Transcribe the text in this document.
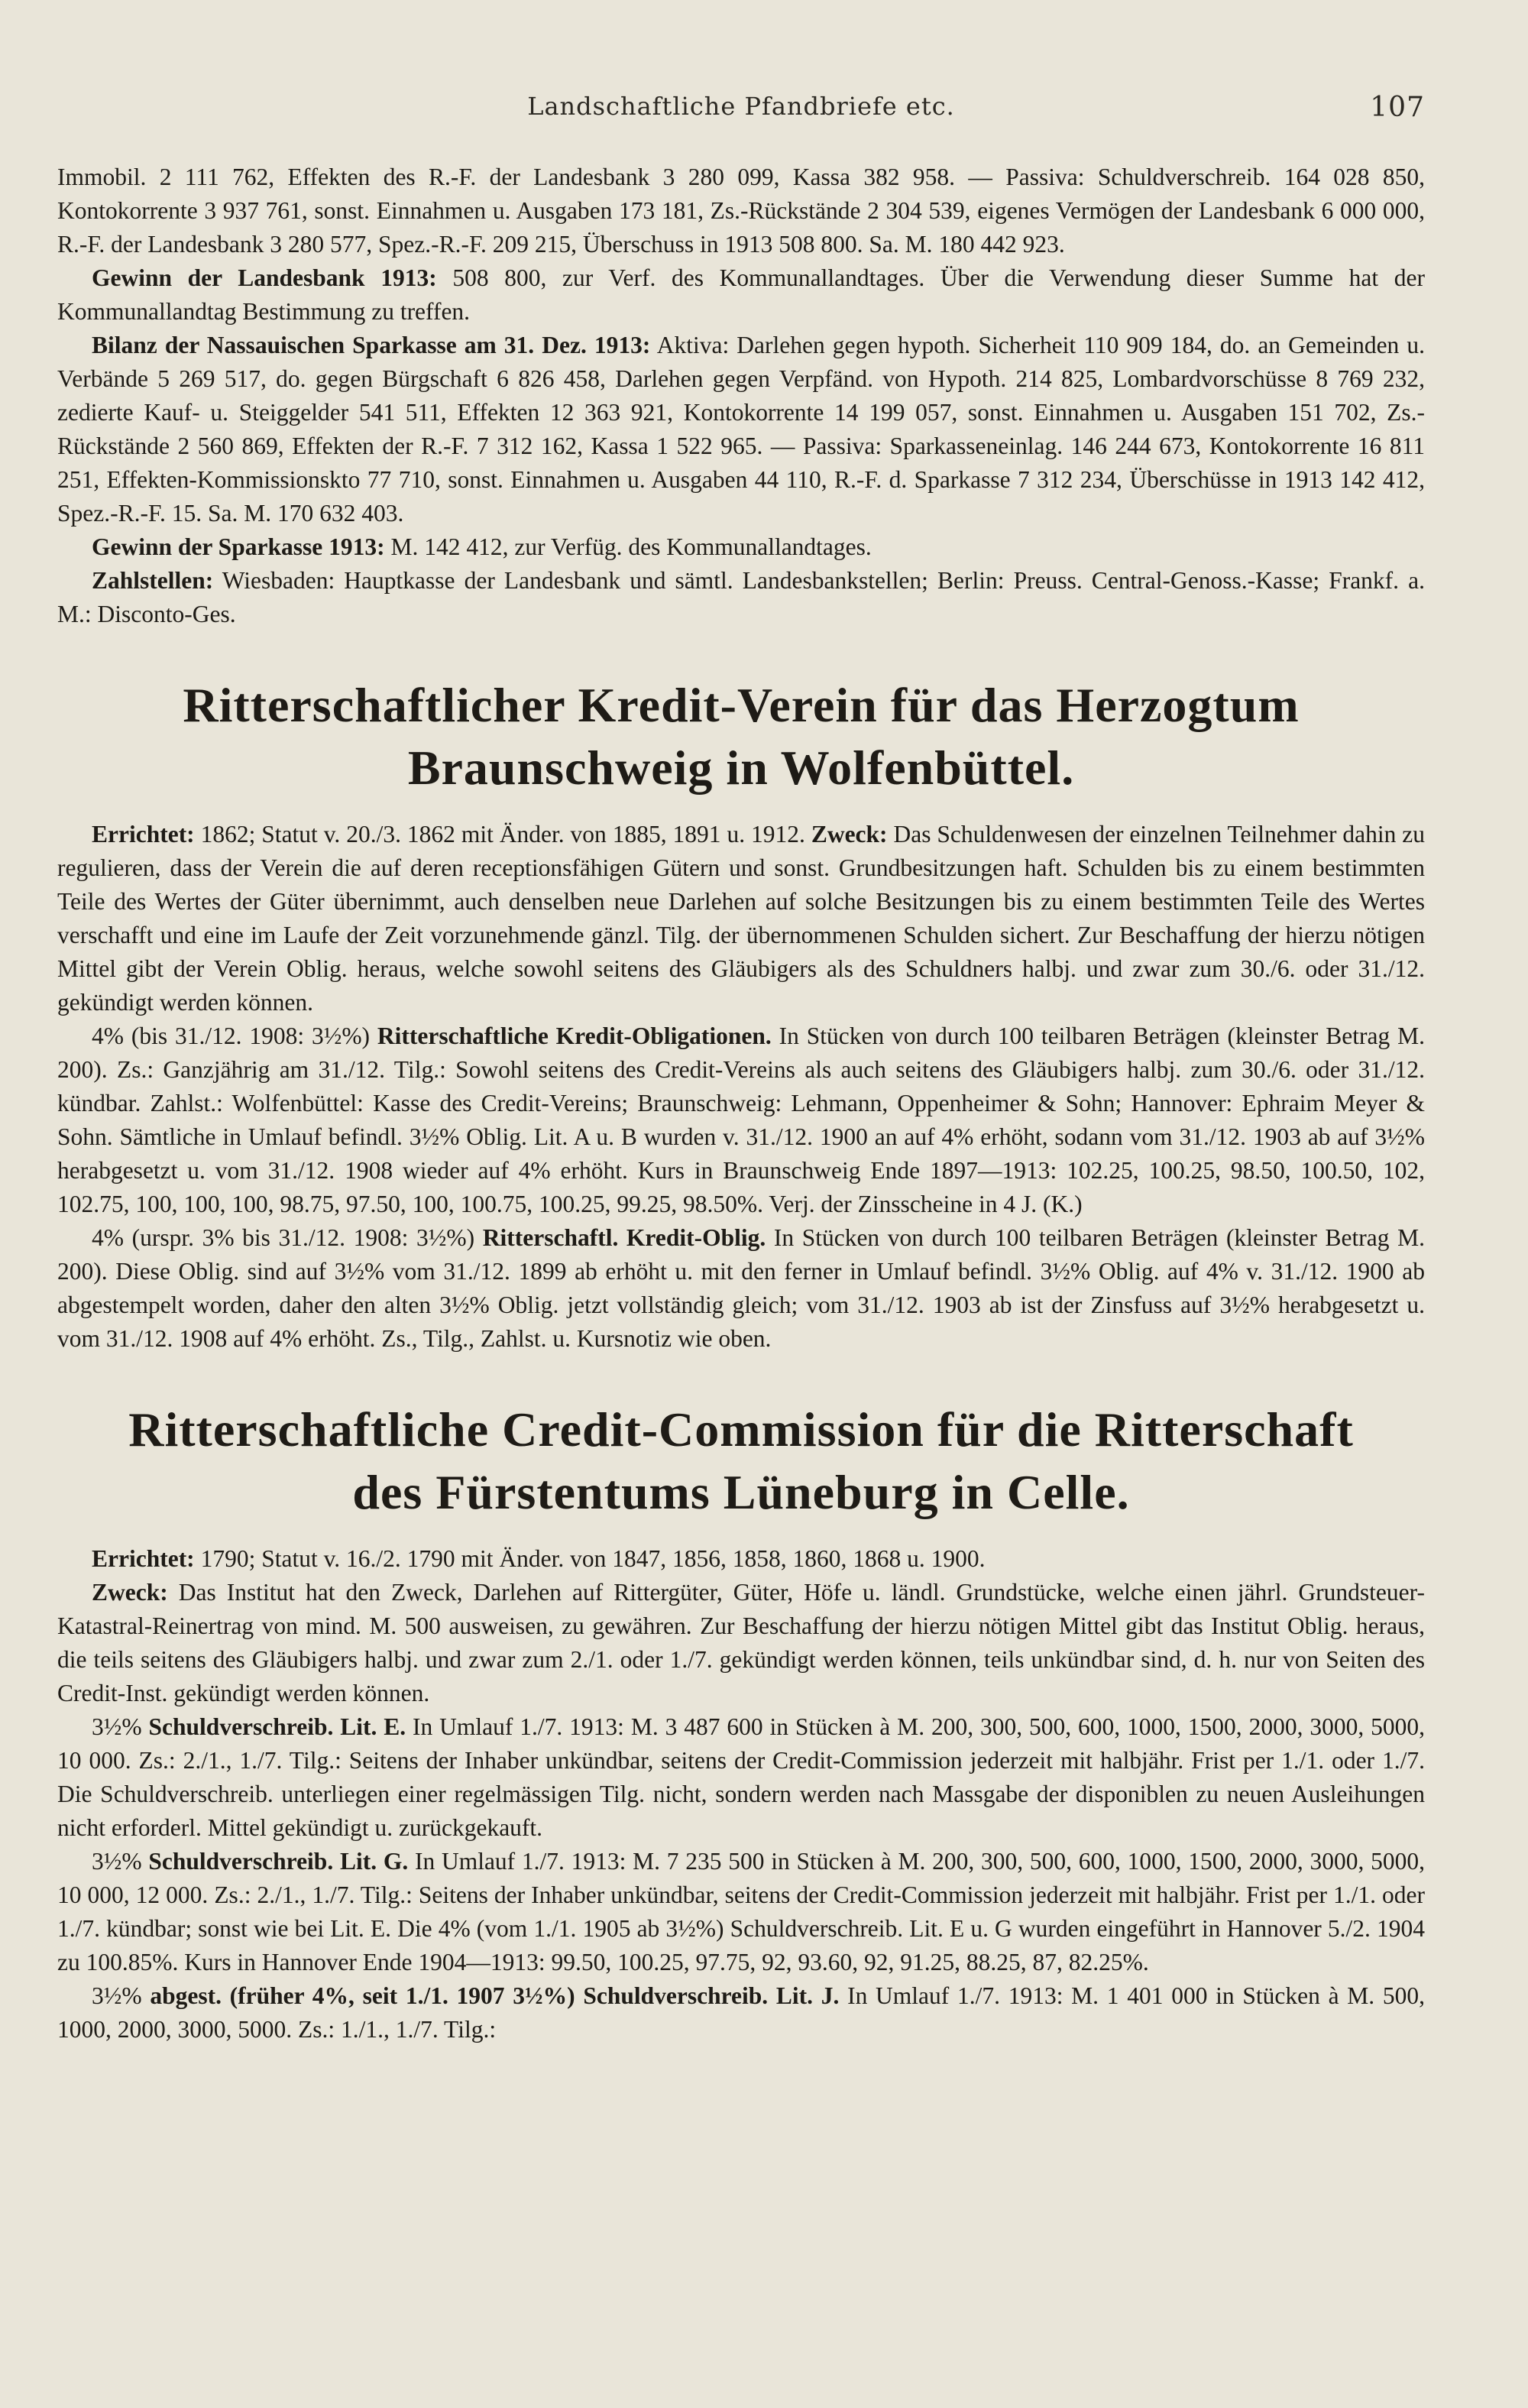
Landschaftliche Pfandbriefe etc.	107

Immobil. 2 111 762, Effekten des R.-F. der Landesbank 3 280 099, Kassa 382 958. — Passiva: Schuldverschreib. 164 028 850, Kontokorrente 3 937 761, sonst. Einnahmen u. Ausgaben 173 181, Zs.-Rückstände 2 304 539, eigenes Vermögen der Landesbank 6 000 000, R.-F. der Landesbank 3 280 577, Spez.-R.-F. 209 215, Überschuss in 1913 508 800. Sa. M. 180 442 923.

Gewinn der Landesbank 1913: 508 800, zur Verf. des Kommunallandtages. Über die Verwendung dieser Summe hat der Kommunallandtag Bestimmung zu treffen.

Bilanz der Nassauischen Sparkasse am 31. Dez. 1913: Aktiva: Darlehen gegen hypoth. Sicherheit 110 909 184, do. an Gemeinden u. Verbände 5 269 517, do. gegen Bürgschaft 6 826 458, Darlehen gegen Verpfänd. von Hypoth. 214 825, Lombardvorschüsse 8 769 232, zedierte Kauf- u. Steiggelder 541 511, Effekten 12 363 921, Kontokorrente 14 199 057, sonst. Einnahmen u. Ausgaben 151 702, Zs.-Rückstände 2 560 869, Effekten der R.-F. 7 312 162, Kassa 1 522 965. — Passiva: Sparkasseneinlag. 146 244 673, Kontokorrente 16 811 251, Effekten-Kommissionskto 77 710, sonst. Einnahmen u. Ausgaben 44 110, R.-F. d. Sparkasse 7 312 234, Überschüsse in 1913 142 412, Spez.-R.-F. 15. Sa. M. 170 632 403.

Gewinn der Sparkasse 1913: M. 142 412, zur Verfüg. des Kommunallandtages.

Zahlstellen: Wiesbaden: Hauptkasse der Landesbank und sämtl. Landesbankstellen; Berlin: Preuss. Central-Genoss.-Kasse; Frankf. a. M.: Disconto-Ges.

Ritterschaftlicher Kredit-Verein für das Herzogtum
Braunschweig in Wolfenbüttel.

Errichtet: 1862; Statut v. 20./3. 1862 mit Änder. von 1885, 1891 u. 1912. Zweck: Das Schuldenwesen der einzelnen Teilnehmer dahin zu regulieren, dass der Verein die auf deren receptionsfähigen Gütern und sonst. Grundbesitzungen haft. Schulden bis zu einem bestimmten Teile des Wertes der Güter übernimmt, auch denselben neue Darlehen auf solche Besitzungen bis zu einem bestimmten Teile des Wertes verschafft und eine im Laufe der Zeit vorzunehmende gänzl. Tilg. der übernommenen Schulden sichert. Zur Beschaffung der hierzu nötigen Mittel gibt der Verein Oblig. heraus, welche sowohl seitens des Gläubigers als des Schuldners halbj. und zwar zum 30./6. oder 31./12. gekündigt werden können.

4% (bis 31./12. 1908: 3½%) Ritterschaftliche Kredit-Obligationen. In Stücken von durch 100 teilbaren Beträgen (kleinster Betrag M. 200). Zs.: Ganzjährig am 31./12. Tilg.: Sowohl seitens des Credit-Vereins als auch seitens des Gläubigers halbj. zum 30./6. oder 31./12. kündbar. Zahlst.: Wolfenbüttel: Kasse des Credit-Vereins; Braunschweig: Lehmann, Oppenheimer & Sohn; Hannover: Ephraim Meyer & Sohn. Sämtliche in Umlauf befindl. 3½% Oblig. Lit. A u. B wurden v. 31./12. 1900 an auf 4% erhöht, sodann vom 31./12. 1903 ab auf 3½% herabgesetzt u. vom 31./12. 1908 wieder auf 4% erhöht. Kurs in Braunschweig Ende 1897—1913: 102.25, 100.25, 98.50, 100.50, 102, 102.75, 100, 100, 100, 98.75, 97.50, 100, 100.75, 100.25, 99.25, 98.50%. Verj. der Zinsscheine in 4 J. (K.)

4% (urspr. 3% bis 31./12. 1908: 3½%) Ritterschaftl. Kredit-Oblig. In Stücken von durch 100 teilbaren Beträgen (kleinster Betrag M. 200). Diese Oblig. sind auf 3½% vom 31./12. 1899 ab erhöht u. mit den ferner in Umlauf befindl. 3½% Oblig. auf 4% v. 31./12. 1900 ab abgestempelt worden, daher den alten 3½% Oblig. jetzt vollständig gleich; vom 31./12. 1903 ab ist der Zinsfuss auf 3½% herabgesetzt u. vom 31./12. 1908 auf 4% erhöht. Zs., Tilg., Zahlst. u. Kursnotiz wie oben.

Ritterschaftliche Credit-Commission für die Ritterschaft
des Fürstentums Lüneburg in Celle.

Errichtet: 1790; Statut v. 16./2. 1790 mit Änder. von 1847, 1856, 1858, 1860, 1868 u. 1900.

Zweck: Das Institut hat den Zweck, Darlehen auf Rittergüter, Güter, Höfe u. ländl. Grundstücke, welche einen jährl. Grundsteuer-Katastral-Reinertrag von mind. M. 500 ausweisen, zu gewähren. Zur Beschaffung der hierzu nötigen Mittel gibt das Institut Oblig. heraus, die teils seitens des Gläubigers halbj. und zwar zum 2./1. oder 1./7. gekündigt werden können, teils unkündbar sind, d. h. nur von Seiten des Credit-Inst. gekündigt werden können.

3½% Schuldverschreib. Lit. E. In Umlauf 1./7. 1913: M. 3 487 600 in Stücken à M. 200, 300, 500, 600, 1000, 1500, 2000, 3000, 5000, 10 000. Zs.: 2./1., 1./7. Tilg.: Seitens der Inhaber unkündbar, seitens der Credit-Commission jederzeit mit halbjähr. Frist per 1./1. oder 1./7. Die Schuldverschreib. unterliegen einer regelmässigen Tilg. nicht, sondern werden nach Massgabe der disponiblen zu neuen Ausleihungen nicht erforderl. Mittel gekündigt u. zurückgekauft.

3½% Schuldverschreib. Lit. G. In Umlauf 1./7. 1913: M. 7 235 500 in Stücken à M. 200, 300, 500, 600, 1000, 1500, 2000, 3000, 5000, 10 000, 12 000. Zs.: 2./1., 1./7. Tilg.: Seitens der Inhaber unkündbar, seitens der Credit-Commission jederzeit mit halbjähr. Frist per 1./1. oder 1./7. kündbar; sonst wie bei Lit. E. Die 4% (vom 1./1. 1905 ab 3½%) Schuldverschreib. Lit. E u. G wurden eingeführt in Hannover 5./2. 1904 zu 100.85%. Kurs in Hannover Ende 1904—1913: 99.50, 100.25, 97.75, 92, 93.60, 92, 91.25, 88.25, 87, 82.25%.

3½% abgest. (früher 4%, seit 1./1. 1907 3½%) Schuldverschreib. Lit. J. In Umlauf 1./7. 1913: M. 1 401 000 in Stücken à M. 500, 1000, 2000, 3000, 5000. Zs.: 1./1., 1./7. Tilg.:
